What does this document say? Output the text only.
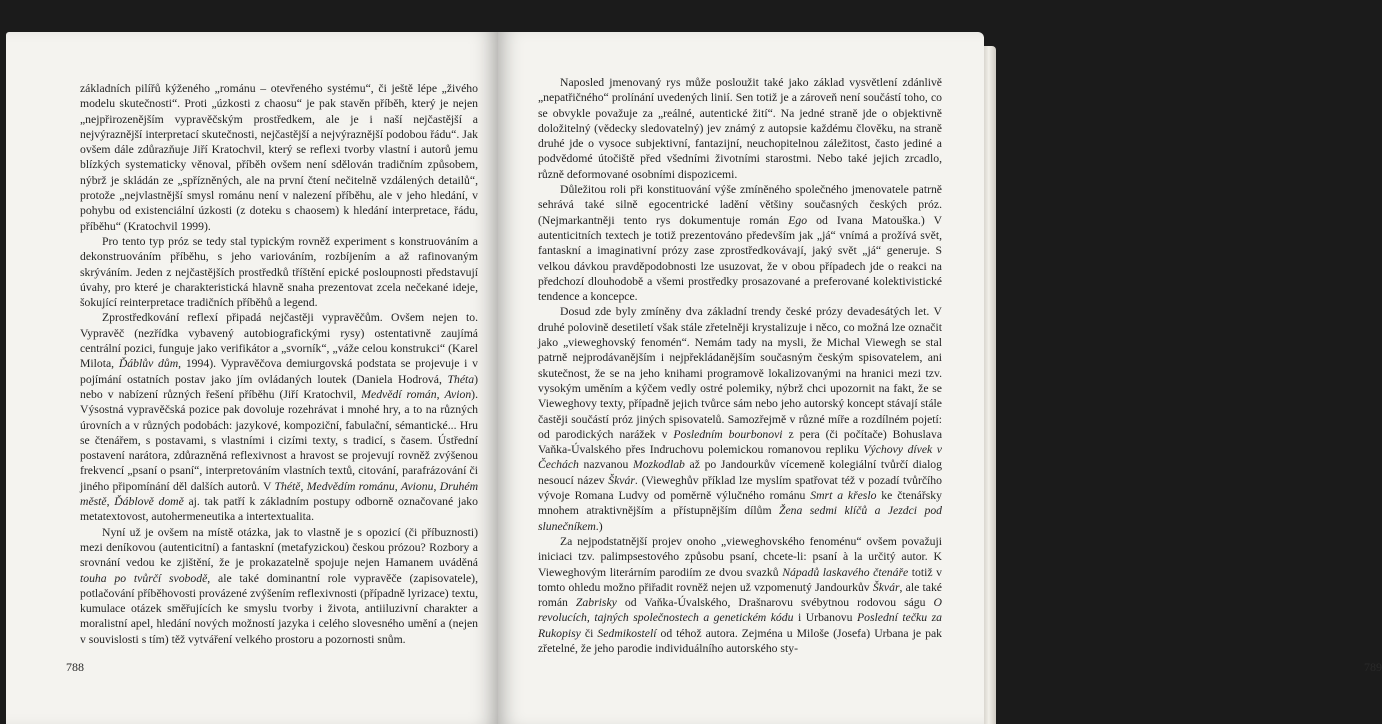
základních pilířů kýženého „románu – otevřeného systému“, či ještě lépe „živého modelu skutečnosti“. Proti „úzkosti z chaosu“ je pak stavěn příběh, který je nejen „nejpřirozenějším vypravěčským prostředkem, ale je i naší nejčastější a nejvýraznější interpretací skutečnosti, nejčastější a nejvýraznější podobou řádu“. Jak ovšem dále zdůrazňuje Jiří Kratochvil, který se reflexi tvorby vlastní i autorů jemu blízkých systematicky věnoval, příběh ovšem není sdělován tradičním způsobem, nýbrž je skládán ze „spřízněných, ale na první čtení nečitelně vzdálených detailů“, protože „nejvlastnější smysl románu není v nalezení příběhu, ale v jeho hledání, v pohybu od existenciální úzkosti (z doteku s chaosem) k hledání interpretace, řádu, příběhu“ (Kratochvil 1999).

Pro tento typ próz se tedy stal typickým rovněž experiment s konstruováním a dekonstruováním příběhu, s jeho variováním, rozbíjením a až rafinovaným skrýváním. Jeden z nejčastějších prostředků tříštění epické posloupnosti představují úvahy, pro které je charakteristická hlavně snaha prezentovat zcela nečekané ideje, šokující reinterpretace tradičních příběhů a legend.

Zprostředkování reflexí připadá nejčastěji vypravěčům. Ovšem nejen to. Vypravěč (nezřídka vybavený autobiografickými rysy) ostentativně zaujímá centrální pozici, funguje jako verifikátor a „svorník“, „váže celou konstrukci“ (Karel Milota, Ďáblův dům, 1994). Vypravěčova demiurgovská podstata se projevuje i v pojímání ostatních postav jako jím ovládaných loutek (Daniela Hodrová, Théta) nebo v nabízení různých řešení příběhu (Jiří Kratochvil, Medvědí román, Avion). Výsostná vypravěčská pozice pak dovoluje rozehrávat i mnohé hry, a to na různých úrovních a v různých podobách: jazykové, kompoziční, fabulační, sémantické... Hru se čtenářem, s postavami, s vlastními i cizími texty, s tradicí, s časem. Ústřední postavení narátora, zdůrazněná reflexivnost a hravost se projevují rovněž zvýšenou frekvencí „psaní o psaní“, interpretováním vlastních textů, citování, parafrázování či jiného připomínání děl dalších autorů. V Thétě, Medvědím románu, Avionu, Druhém městě, Ďáblově domě aj. tak patří k základním postupy odborně označované jako metatextovost, autohermeneutika a intertextualita.

Nyní už je ovšem na místě otázka, jak to vlastně je s opozicí (či příbuznosti) mezi deníkovou (autenticitní) a fantaskní (metafyzickou) českou prózou? Rozbory a srovnání vedou ke zjištění, že je prokazatelně spojuje nejen Hamanem uváděná touha po tvůrčí svobodě, ale také dominantní role vypravěče (zapisovatele), potlačování příběhovosti provázené zvýšením reflexivnosti (případně lyrizace) textu, kumulace otázek směřujících ke smyslu tvorby i života, antiiluzivní charakter a moralistní apel, hledání nových možností jazyka i celého slovesného umění a (nejen v souvislosti s tím) těž vytváření velkého prostoru a pozornosti snům.

788

Naposled jmenovaný rys může posloužit také jako základ vysvětlení zdánlivě „nepatřičného“ prolínání uvedených linií. Sen totiž je a zároveň není součástí toho, co se obvykle považuje za „reálné, autentické žití“. Na jedné straně jde o objektivně doložitelný (vědecky sledovatelný) jev známý z autopsie každému člověku, na straně druhé jde o vysoce subjektivní, fantazijní, neuchopitelnou záležitost, často jediné a podvědomé útočiště před všedními životními starostmi. Nebo také jejich zrcadlo, různě deformované osobními dispozicemi.

Důležitou roli při konstituování výše zmíněného společného jmenovatele patrně sehrává také silně egocentrické ladění většiny současných českých próz. (Nejmarkantněji tento rys dokumentuje román Ego od Ivana Matouška.) V autenticitních textech je totiž prezentováno především jak „já“ vnímá a prožívá svět, fantaskní a imaginativní prózy zase zprostředkovávají, jaký svět „já“ generuje. S velkou dávkou pravděpodobnosti lze usuzovat, že v obou případech jde o reakci na předchozí dlouhodobě a všemi prostředky prosazované a preferované kolektivistické tendence a koncepce.

Dosud zde byly zmíněny dva základní trendy české prózy devadesátých let. V druhé polovině desetiletí však stále zřetelněji krystalizuje i něco, co možná lze označit jako „vieweghovský fenomén“. Nemám tady na mysli, že Michal Viewegh se stal patrně nejprodávanějším i nejpřekládanějším současným českým spisovatelem, ani skutečnost, že se na jeho knihami programově lokalizovanými na hranici mezi tzv. vysokým uměním a kýčem vedly ostré polemiky, nýbrž chci upozornit na fakt, že se Vieweghovy texty, případně jejich tvůrce sám nebo jeho autorský koncept stávají stále častěji součástí próz jiných spisovatelů. Samozřejmě v různé míře a rozdílném pojetí: od parodických narážek v Posledním bourbonovi z pera (či počítače) Bohuslava Vaňka-Úvalského přes Indruchovu polemickou romanovou repliku Výchovy dívek v Čechách nazvanou Mozkodlab až po Jandourkův vícemeně kolegiální tvůrčí dialog nesoucí název Škvár. (Vieweghův příklad lze myslím spatřovat též v pozadí tvůrčího vývoje Romana Ludvy od poměrně výlučného románu Smrt a křeslo ke čtenářsky mnohem atraktivnějším a přístupnějším dílům Žena sedmi klíčů a Jezdci pod slunečníkem.)

Za nejpodstatnější projev onoho „vieweghovského fenoménu“ ovšem považuji iniciaci tzv. palimpsestového způsobu psaní, chcete-li: psaní à la určitý autor. K Vieweghovým literárním parodiím ze dvou svazků Nápadů laskavého čtenáře totiž v tomto ohledu možno přiřadit rovněž nejen už vzpomenutý Jandourkův Škvár, ale také román Zabrisky od Vaňka-Úvalského, Drašnarovu svébytnou rodovou ságu O revolucích, tajných společnostech a genetickém kódu i Urbanovu Poslední tečku za Rukopisy či Sedmikostelí od téhož autora. Zejména u Miloše (Josefa) Urbana je pak zřetelné, že jeho parodie individuálního autorského sty-

789
